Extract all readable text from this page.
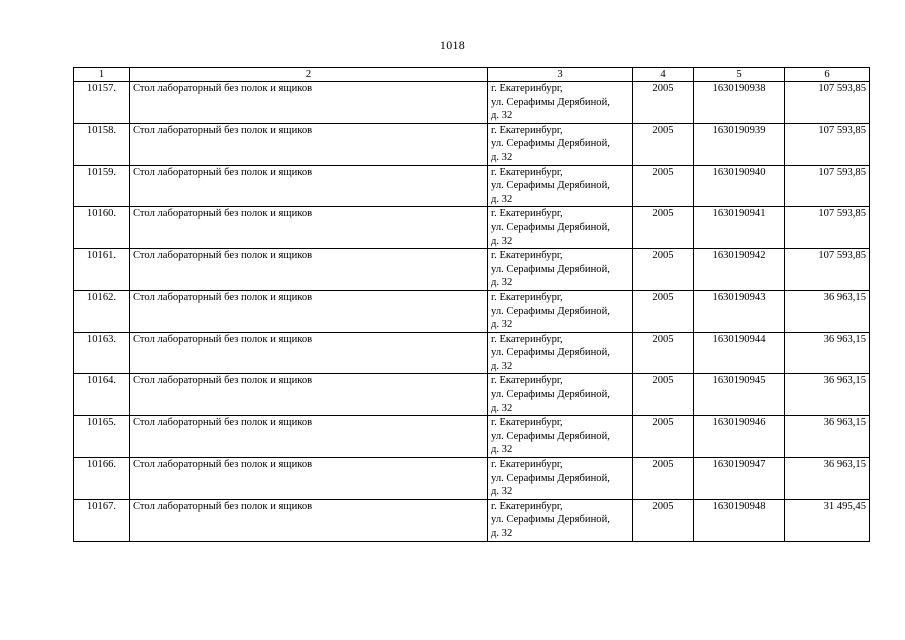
1018
1	2	3	4	5	6
10157.	Стол лабораторный без полок и ящиков	г. Екатеринбург,
ул. Серафимы Дерябиной,
д. 32	2005	1630190938	107 593,85
10158.	Стол лабораторный без полок и ящиков	г. Екатеринбург,
ул. Серафимы Дерябиной,
д. 32	2005	1630190939	107 593,85
10159.	Стол лабораторный без полок и ящиков	г. Екатеринбург,
ул. Серафимы Дерябиной,
д. 32	2005	1630190940	107 593,85
10160.	Стол лабораторный без полок и ящиков	г. Екатеринбург,
ул. Серафимы Дерябиной,
д. 32	2005	1630190941	107 593,85
10161.	Стол лабораторный без полок и ящиков	г. Екатеринбург,
ул. Серафимы Дерябиной,
д. 32	2005	1630190942	107 593,85
10162.	Стол лабораторный без полок и ящиков	г. Екатеринбург,
ул. Серафимы Дерябиной,
д. 32	2005	1630190943	36 963,15
10163.	Стол лабораторный без полок и ящиков	г. Екатеринбург,
ул. Серафимы Дерябиной,
д. 32	2005	1630190944	36 963,15
10164.	Стол лабораторный без полок и ящиков	г. Екатеринбург,
ул. Серафимы Дерябиной,
д. 32	2005	1630190945	36 963,15
10165.	Стол лабораторный без полок и ящиков	г. Екатеринбург,
ул. Серафимы Дерябиной,
д. 32	2005	1630190946	36 963,15
10166.	Стол лабораторный без полок и ящиков	г. Екатеринбург,
ул. Серафимы Дерябиной,
д. 32	2005	1630190947	36 963,15
10167.	Стол лабораторный без полок и ящиков	г. Екатеринбург,
ул. Серафимы Дерябиной,
д. 32	2005	1630190948	31 495,45
